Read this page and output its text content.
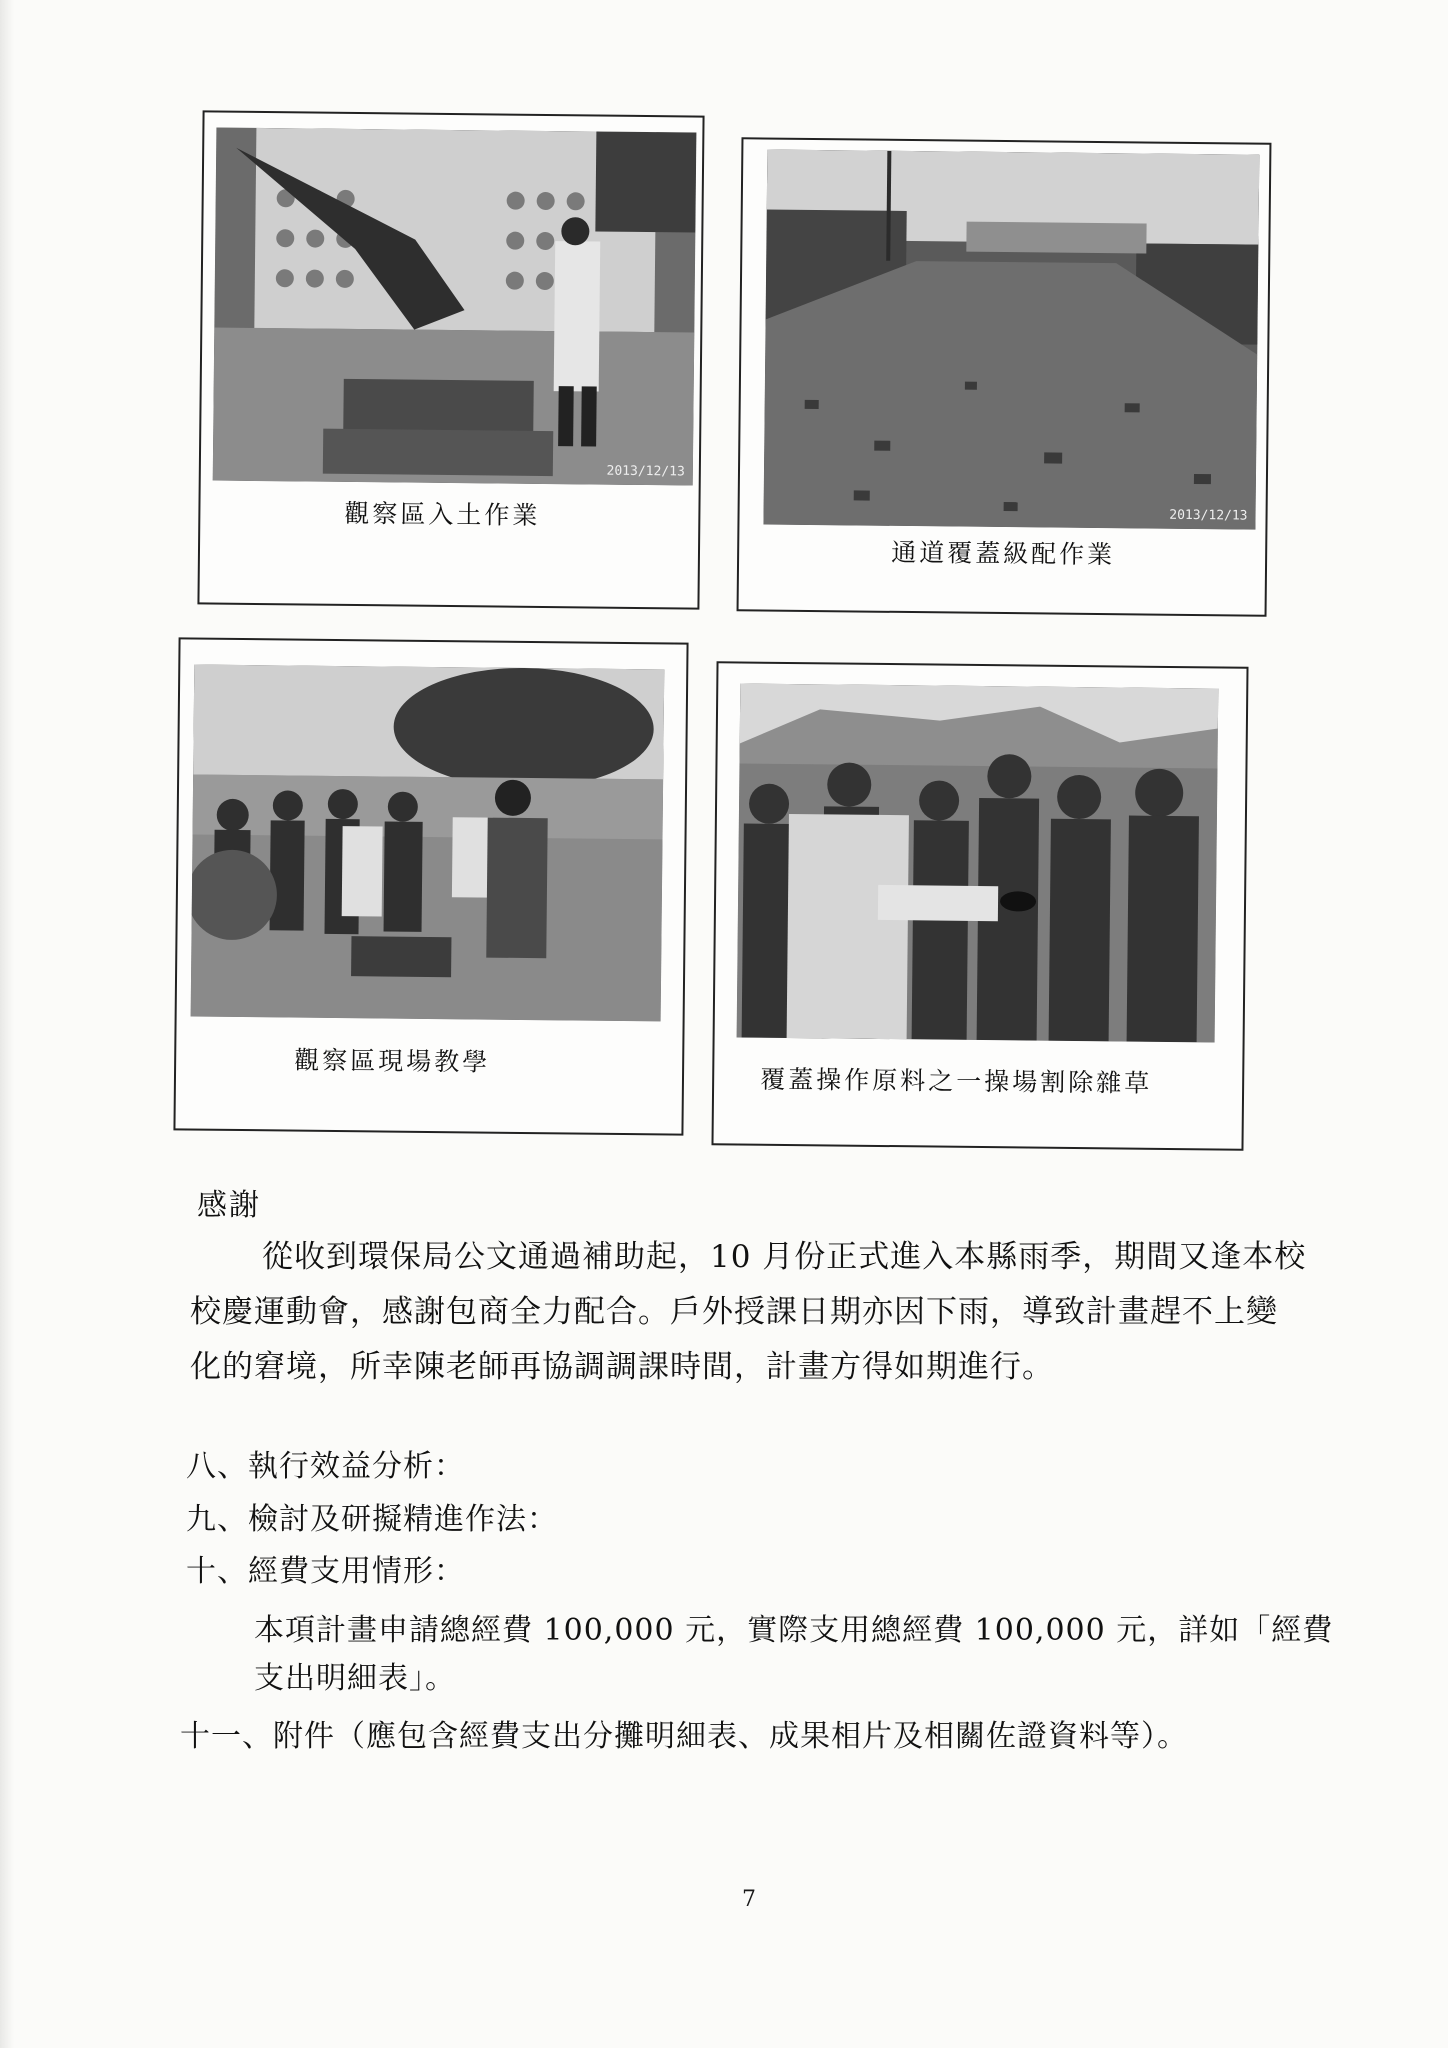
2013/12/13
觀察區入土作業	2013/12/13
通道覆蓋級配作業
觀察區現場教學
覆蓋操作原料之一操場割除雜草
感謝
從收到環保局公文通過補助起，10 月份正式進入本縣雨季，期間又逢本校
校慶運動會，感謝包商全力配合。戶外授課日期亦因下雨，導致計畫趕不上變
化的窘境，所幸陳老師再協調調課時間，計畫方得如期進行。
八、執行效益分析：
九、檢討及研擬精進作法：
十、經費支用情形：
本項計畫申請總經費 100,000 元，實際支用總經費 100,000 元，詳如「經費
支出明細表」。
十一、附件（應包含經費支出分攤明細表、成果相片及相關佐證資料等）。
7
